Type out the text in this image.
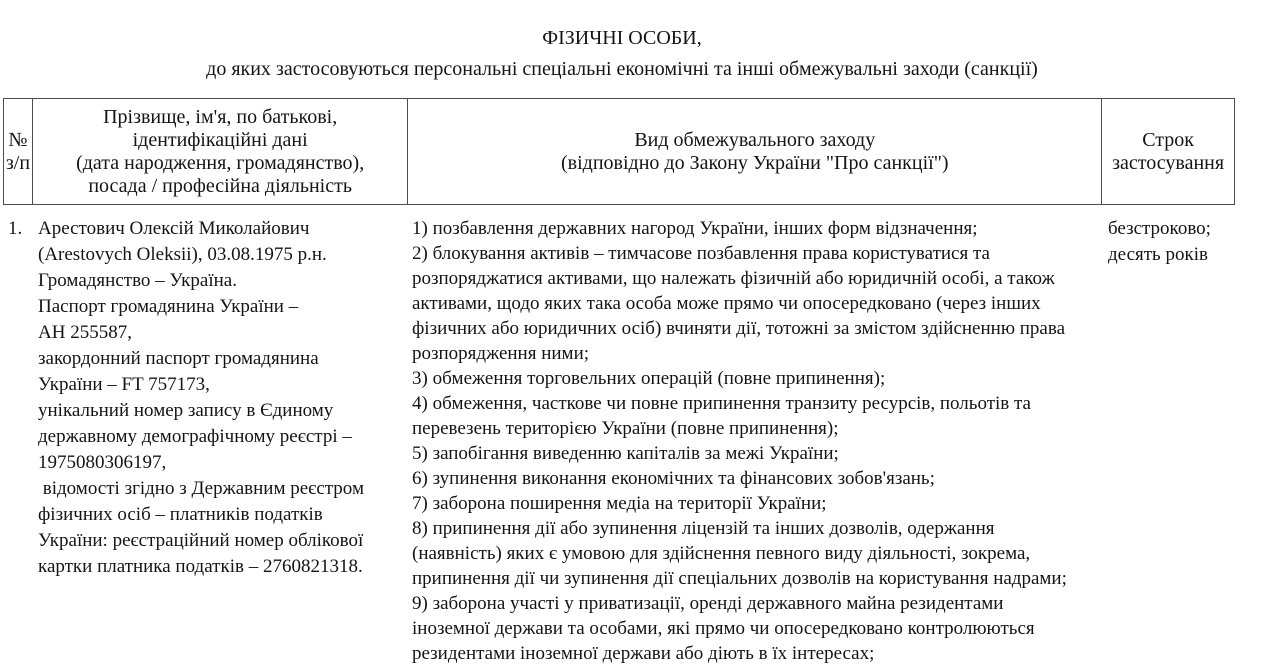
ФІЗИЧНІ ОСОБИ,
до яких застосовуються персональні спеціальні економічні та інші обмежувальні заходи (санкції)
№
з/п
Прізвище, ім'я, по батькові,
ідентифікаційні дані
(дата народження, громадянство),
посада / професійна діяльність
Вид обмежувального заходу
(відповідно до Закону України "Про санкції")
Строк
застосування
1. Арестович Олексій Миколайович
(Arestovych Oleksii), 03.08.1975 р.н.
Громадянство – Україна.
Паспорт громадянина України –
АН 255587,
закордонний паспорт громадянина
України – FT 757173,
унікальний номер запису в Єдиному
державному демографічному реєстрі –
1975080306197,
відомості згідно з Державним реєстром
фізичних осіб – платників податків
України: реєстраційний номер облікової
картки платника податків – 2760821318.
1) позбавлення державних нагород України, інших форм відзначення;
2) блокування активів – тимчасове позбавлення права користуватися та
розпоряджатися активами, що належать фізичній або юридичній особі, а також
активами, щодо яких така особа може прямо чи опосередковано (через інших
фізичних або юридичних осіб) вчиняти дії, тотожні за змістом здійсненню права
розпорядження ними;
3) обмеження торговельних операцій (повне припинення);
4) обмеження, часткове чи повне припинення транзиту ресурсів, польотів та
перевезень територією України (повне припинення);
5) запобігання виведенню капіталів за межі України;
6) зупинення виконання економічних та фінансових зобов'язань;
7) заборона поширення медіа на території України;
8) припинення дії або зупинення ліцензій та інших дозволів, одержання
(наявність) яких є умовою для здійснення певного виду діяльності, зокрема,
припинення дії чи зупинення дії спеціальних дозволів на користування надрами;
9) заборона участі у приватизації, оренді державного майна резидентами
іноземної держави та особами, які прямо чи опосередковано контролюються
резидентами іноземної держави або діють в їх інтересах;
безстроково;
десять років
